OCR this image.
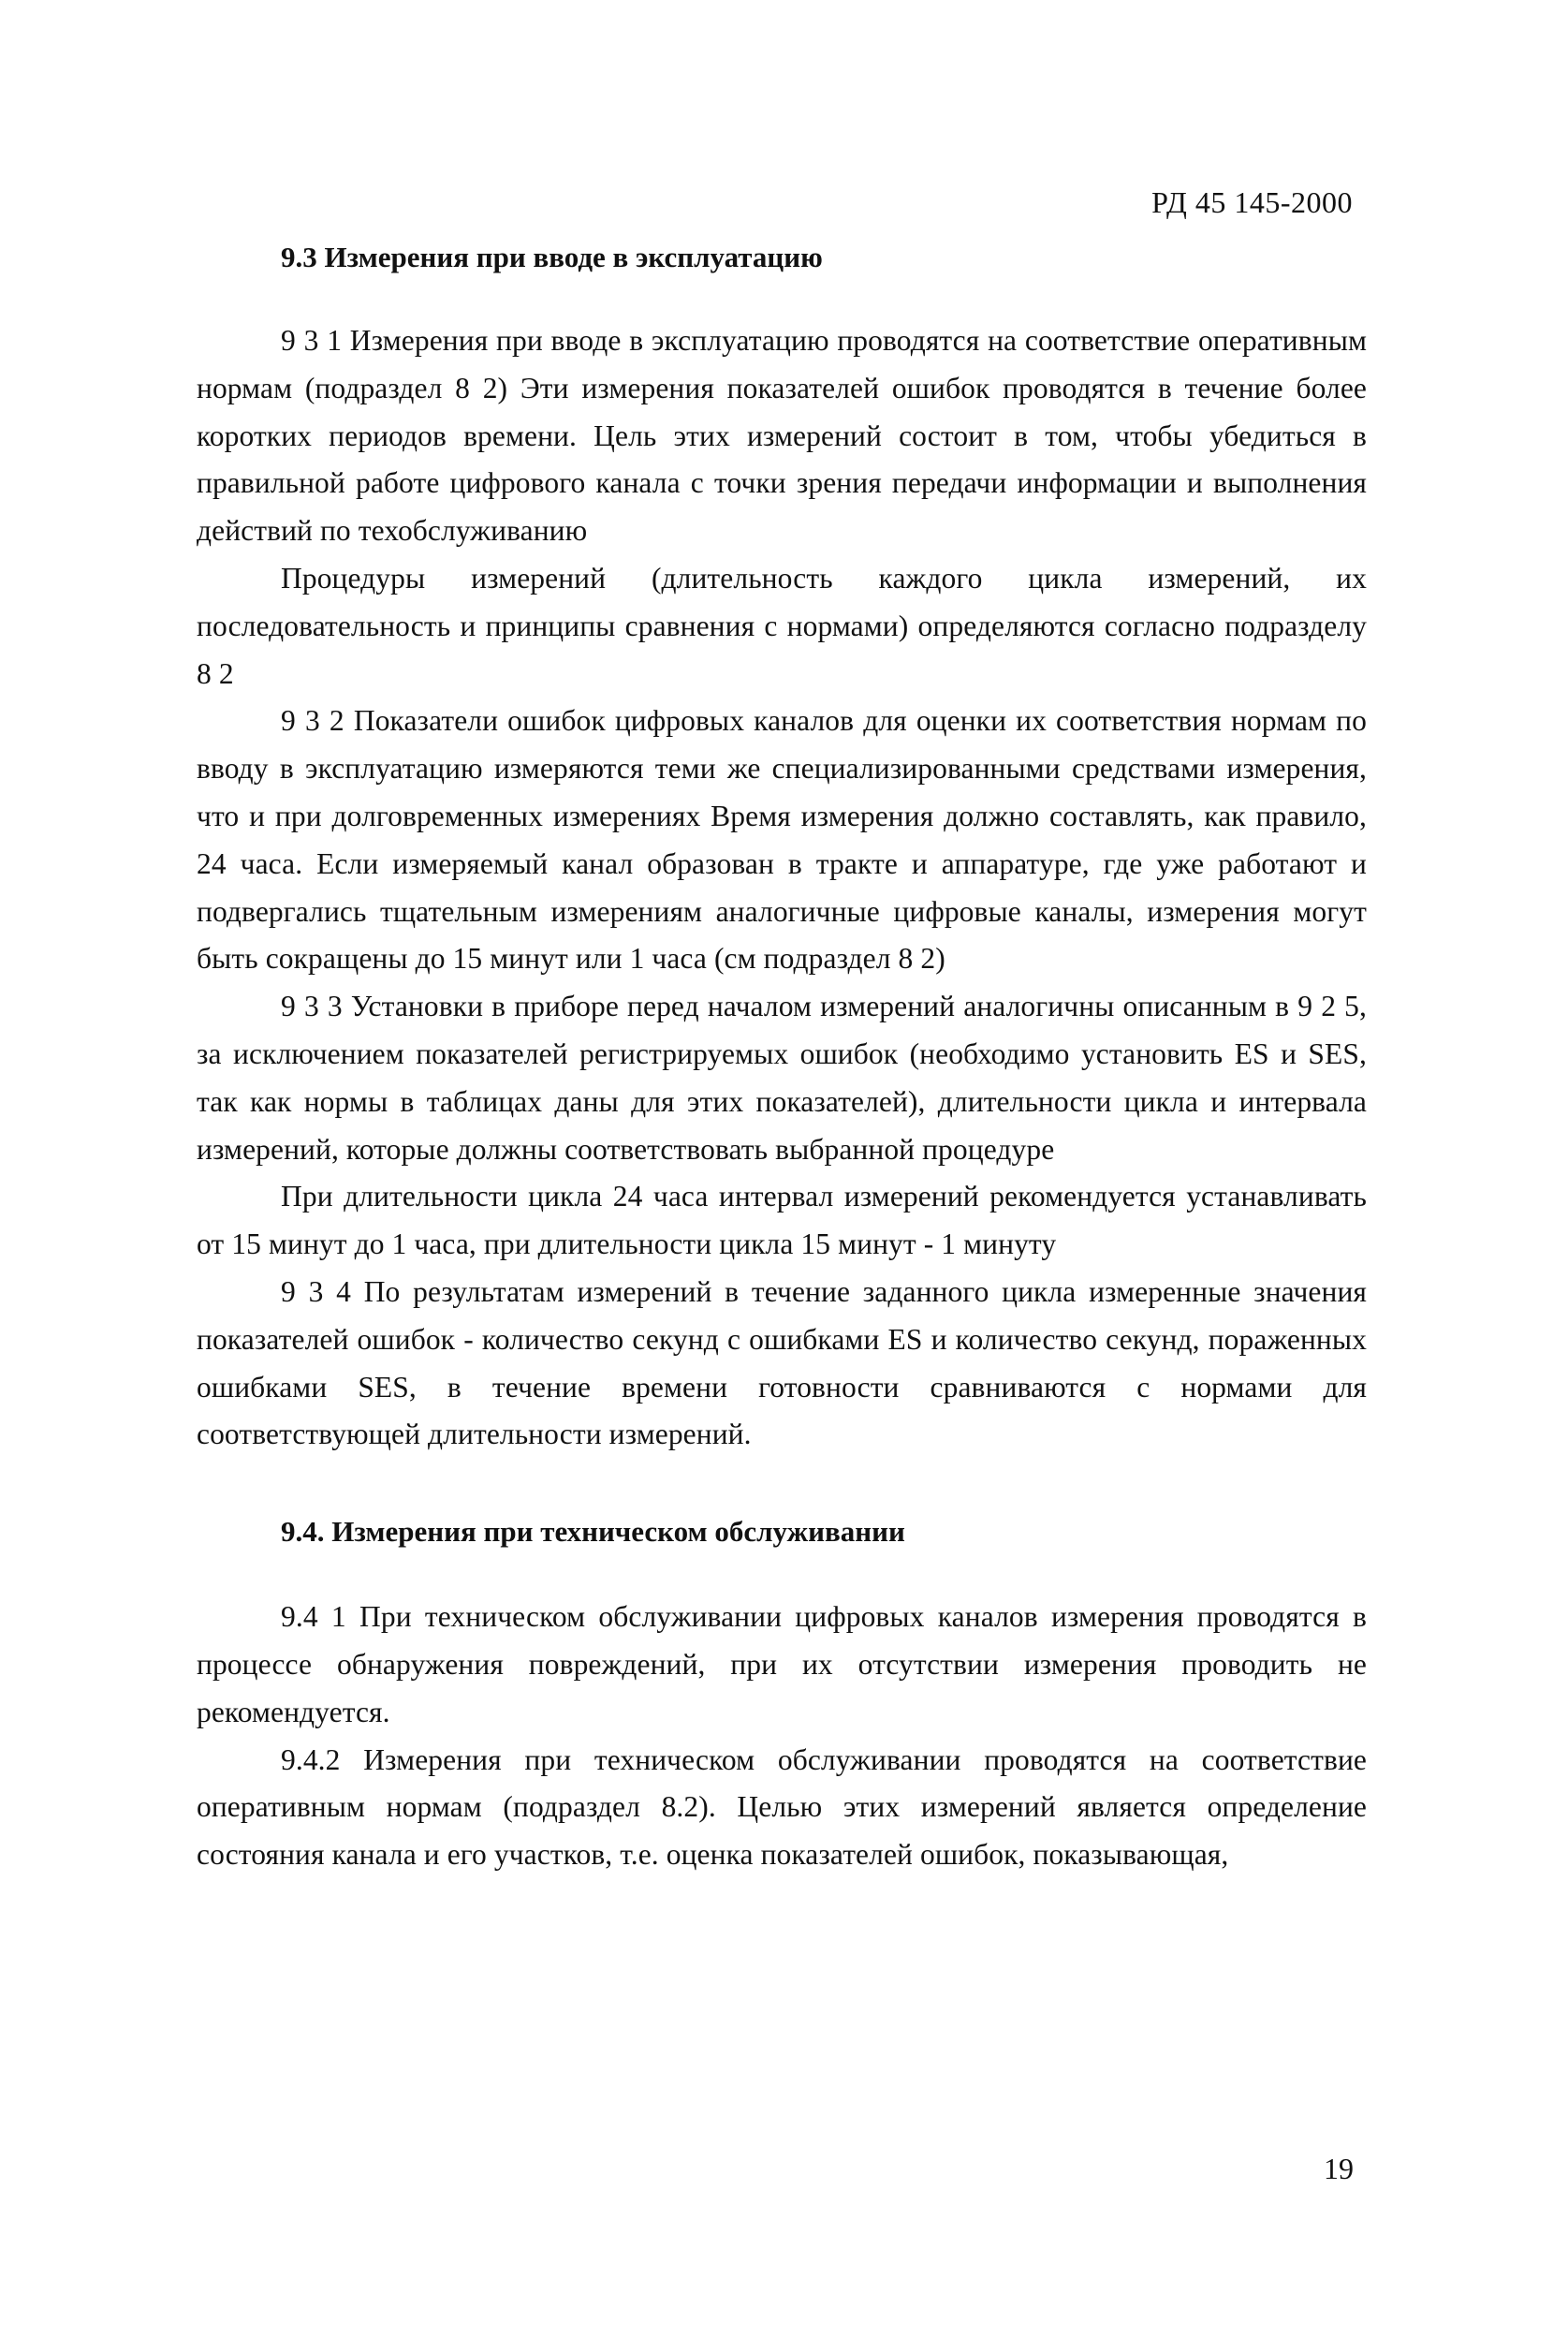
РД 45 145-2000
9.3 Измерения при вводе в эксплуатацию

9 3 1 Измерения при вводе в эксплуатацию проводятся на соответствие оперативным нормам (подраздел 8 2) Эти измерения показателей ошибок проводятся в течение более коротких периодов времени. Цель этих измерений состоит в том, чтобы убедиться в правильной работе цифрового канала с точки зрения передачи информации и выполнения действий по техобслуживанию

Процедуры измерений (длительность каждого цикла измерений, их последовательность и принципы сравнения с нормами) определяются согласно подразделу 8 2

9 3 2 Показатели ошибок цифровых каналов для оценки их соответствия нормам по вводу в эксплуатацию измеряются теми же специализированными средствами измерения, что и при долговременных измерениях Время измерения должно составлять, как правило, 24 часа. Если измеряемый канал образован в тракте и аппаратуре, где уже работают и подвергались тщательным измерениям аналогичные цифровые каналы, измерения могут быть сокращены до 15 минут или 1 часа (см подраздел 8 2)

9 3 3 Установки в приборе перед началом измерений аналогичны описанным в 9 2 5, за исключением показателей регистрируемых ошибок (необходимо установить ES и SES, так как нормы в таблицах даны для этих показателей), длительности цикла и интервала измерений, которые должны соответствовать выбранной процедуре

При длительности цикла 24 часа интервал измерений рекомендуется устанавливать от 15 минут до 1 часа, при длительности цикла 15 минут - 1 минуту

9 3 4 По результатам измерений в течение заданного цикла измеренные значения показателей ошибок - количество секунд с ошибками ES и количество секунд, пораженных ошибками SES, в течение времени готовности сравниваются с нормами для соответствующей длительности измерений.

9.4. Измерения при техническом обслуживании

9.4 1 При техническом обслуживании цифровых каналов измерения проводятся в процессе обнаружения повреждений, при их отсутствии измерения проводить не рекомендуется.

9.4.2 Измерения при техническом обслуживании проводятся на соответствие оперативным нормам (подраздел 8.2). Целью этих измерений является определение состояния канала и его участков, т.е. оценка показателей ошибок, показывающая,

19
